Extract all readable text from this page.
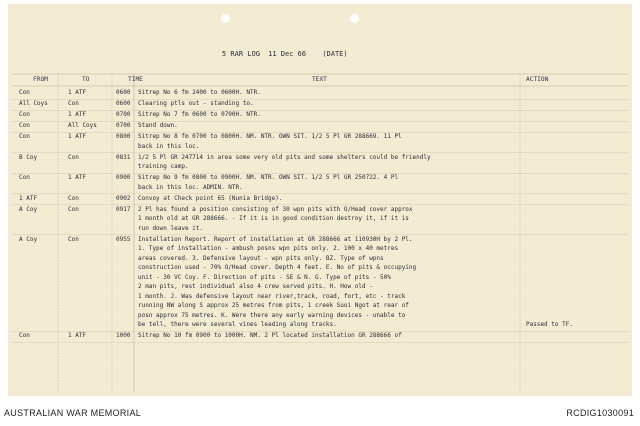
5 RAR LOG 11 Dec 66 (DATE)
FROM	TO	TIME	TEXT	ACTION
Con	1 ATF	0600 Sitrep No 6 fm 2400 to 0600H. NTR.
All Coys	Con	0600 Clearing ptls out - standing to.
Con	1 ATF	0700 Sitrep No 7 fm 0600 to 0700H. NTR.
Con	All Coys	0700 Stand down.
Con	1 ATF	0800 Sitrep No 8 fm 0700 to 0800H. NM. NTR. OWN SIT. 1/2 5 Pl GR 288669. 11 Pl
back in this loc.
B Coy	Con	0831 1/2 5 Pl GR 247714 in area some very old pits and some shelters could be friendly
training camp.
Con	1 ATF	0900 Sitrep No 9 fm 0800 to 0900H. NM. NTR. OWN SIT. 1/2 5 Pl GR 250722. 4 Pl
back in this loc. ADMIN. NTR.
1 ATF	Con	0902 Convoy at Check point 65 (Nunia Bridge).
A Coy	Con	0917 2 Pl has found a position consisting of 30 wpn pits with O/Head cover approx
1 month old at GR 288666. - If it is in good condition destroy it, if it is
run down leave it.
A Coy	Con	0955 Installation Report. Report of installation at GR 288666 at 110930H by 2 Pl.
1. Type of installation - ambush posns wpn pits only. 2. 100 x 40 metres
areas covered. 3. Defensive layout - wpn pits only. BZ. Type of wpns
construction used - 70% O/Head cover. Depth 4 feet. E. No of pits & occupying
unit - 30 VC Coy. F. Direction of pits - SE & N. G. Type of pits - 50%
2 man pits, rest individual also 4 crew served pits. H. How old -
1 month. J. Was defensive layout near river,track, road, fort, etc - track
running NW along S approx 25 metres from pits, 1 creek Suoi Ngot at rear of
posn approx 75 metres. K. Were there any early warning devices - unable to
be tell, there were several vines leading along tracks.	Passed to TF.
Con	1 ATF	1000 Sitrep No 10 fm 0900 to 1000H. NM. 2 Pl located installation GR 288666 of
AUSTRALIAN WAR MEMORIAL	RCDIG1030091
